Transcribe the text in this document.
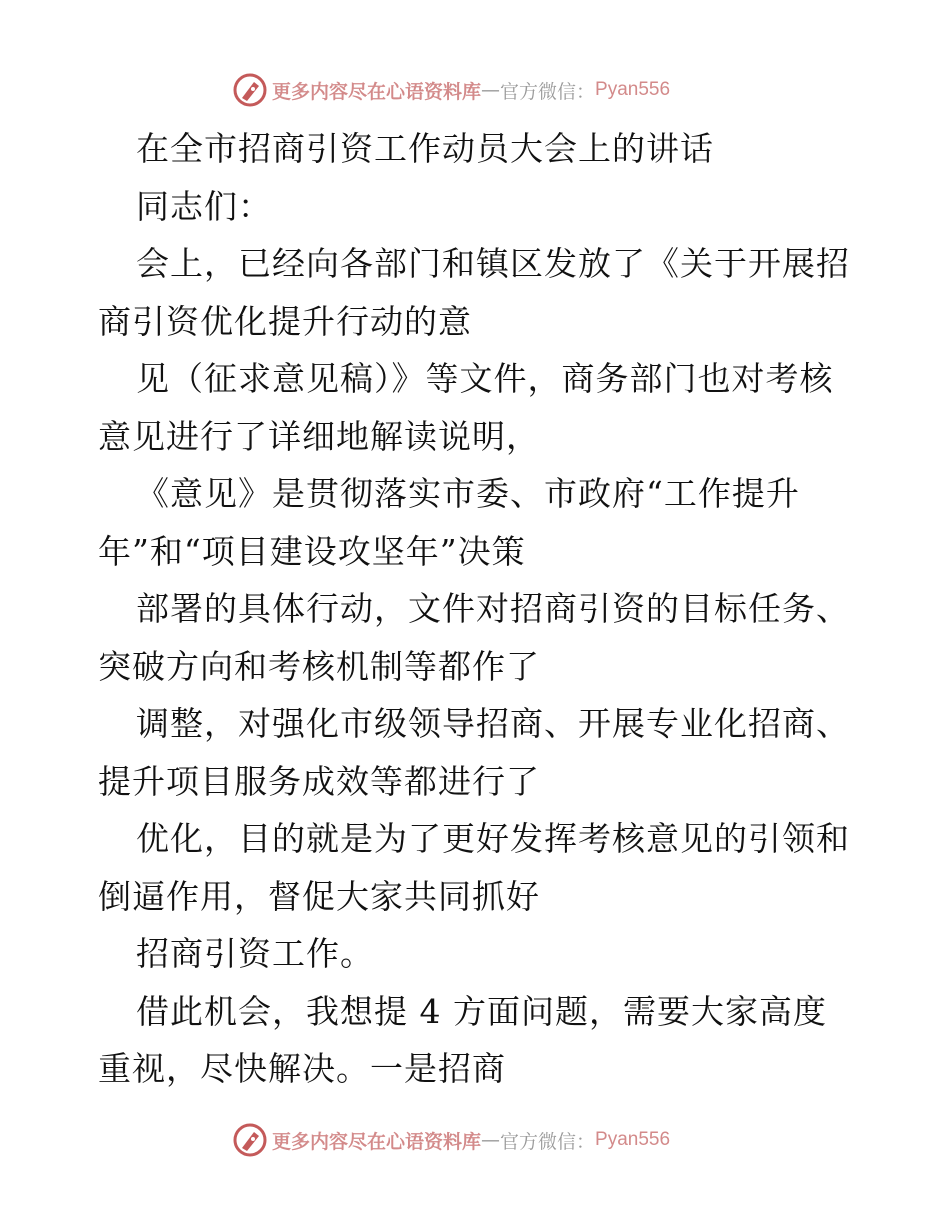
更多内容尽在心语资料库 — 官方微信： Pyan556
在全市招商引资工作动员大会上的讲话
同志们：
会上，已经向各部门和镇区发放了《关于开展招
商引资优化提升行动的意
见（征求意见稿）》等文件，商务部门也对考核
意见进行了详细地解读说明，
《意见》是贯彻落实市委、市政府“工作提升
年”和“项目建设攻坚年”决策
部署的具体行动，文件对招商引资的目标任务、
突破方向和考核机制等都作了
调整，对强化市级领导招商、开展专业化招商、
提升项目服务成效等都进行了
优化，目的就是为了更好发挥考核意见的引领和
倒逼作用，督促大家共同抓好
招商引资工作。
借此机会，我想提 4 方面问题，需要大家高度
重视，尽快解决。一是招商
更多内容尽在心语资料库 — 官方微信： Pyan556
